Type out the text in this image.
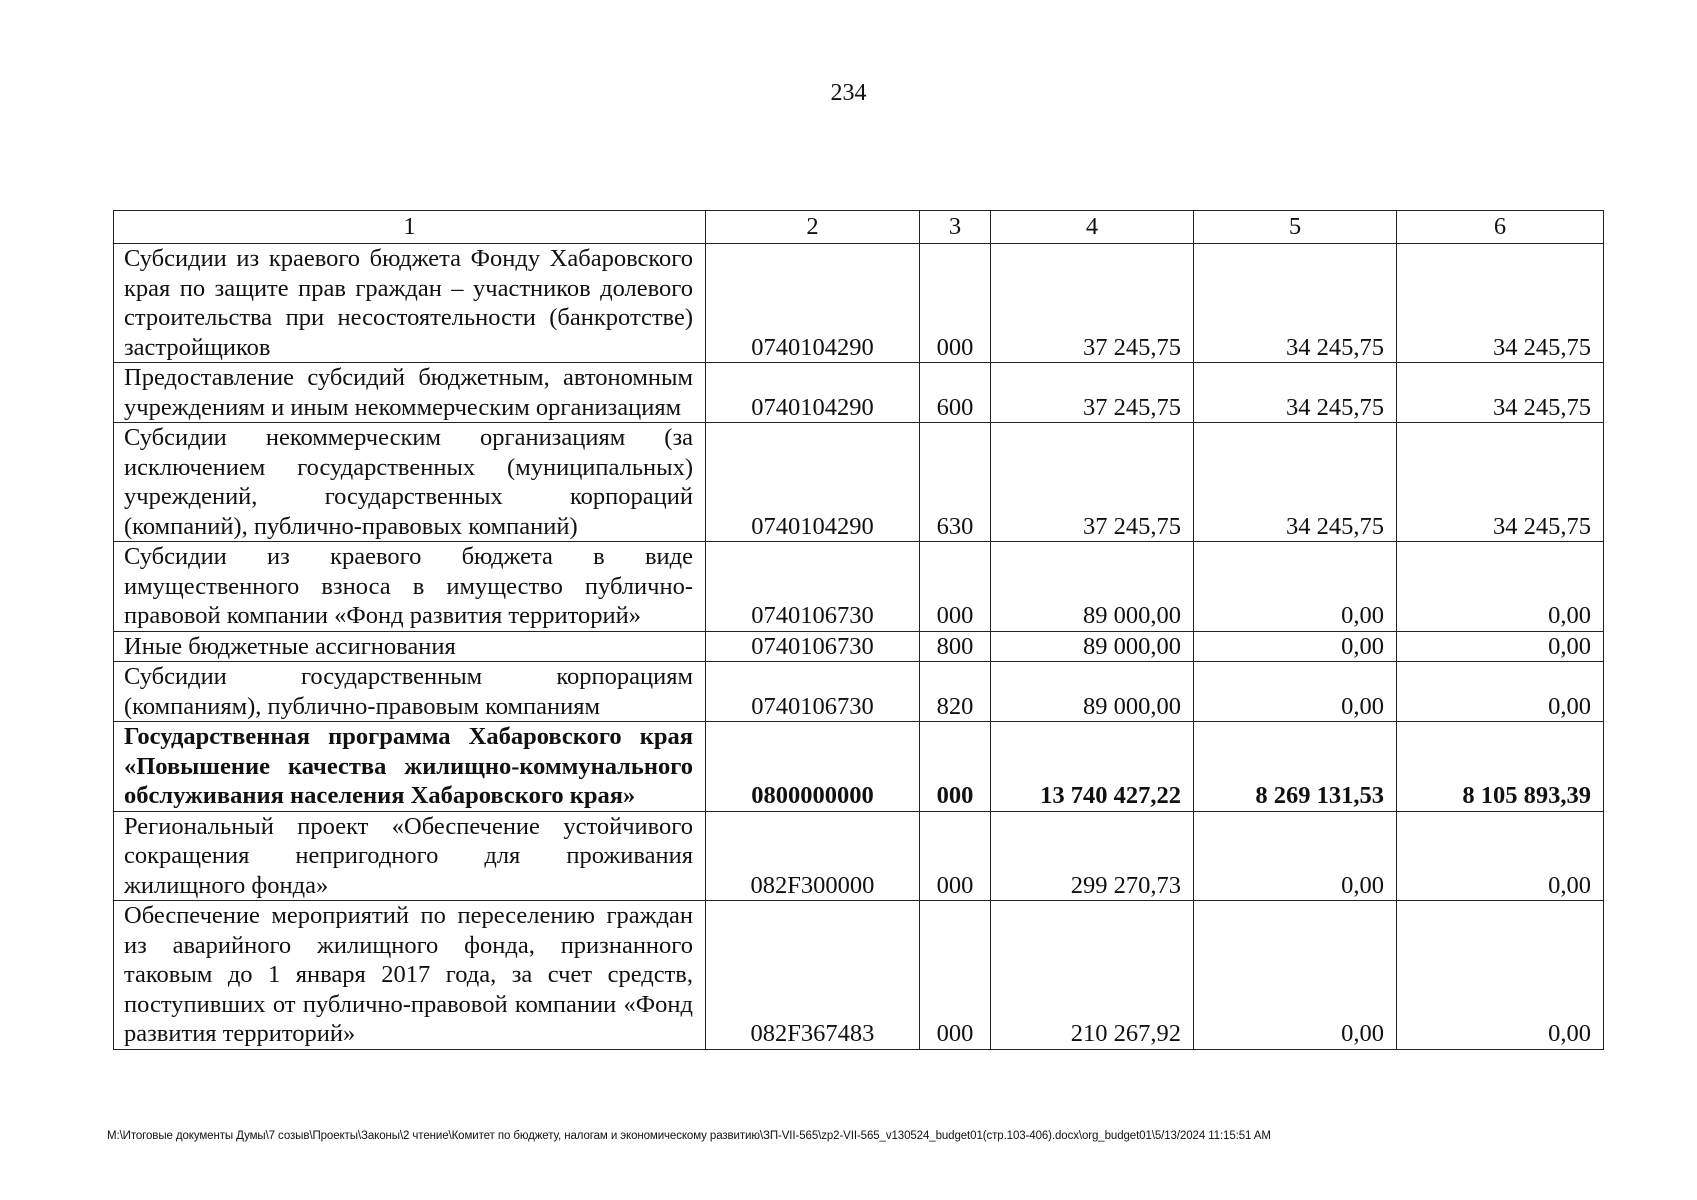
234
1	2	3	4	5	6
Субсидии из краевого бюджета Фонду Хабаровского края по защите прав граждан – участников долевого строительства при несостоятельности (банкротстве) застройщиков	0740104290	000	37 245,75	34 245,75	34 245,75
Предоставление субсидий бюджетным, автономным учреждениям и иным некоммерческим организациям	0740104290	600	37 245,75	34 245,75	34 245,75
Субсидии некоммерческим организациям (за исключением государственных (муниципальных) учреждений, государственных корпораций (компаний), публично-правовых компаний)	0740104290	630	37 245,75	34 245,75	34 245,75
Субсидии из краевого бюджета в виде имущественного взноса в имущество публично-правовой компании «Фонд развития территорий»	0740106730	000	89 000,00	0,00	0,00
Иные бюджетные ассигнования	0740106730	800	89 000,00	0,00	0,00
Субсидии государственным корпорациям (компаниям), публично-правовым компаниям	0740106730	820	89 000,00	0,00	0,00
Государственная программа Хабаровского края «Повышение качества жилищно-коммунального обслуживания населения Хабаровского края»	0800000000	000	13 740 427,22	8 269 131,53	8 105 893,39
Региональный проект «Обеспечение устойчивого сокращения непригодного для проживания жилищного фонда»	082F300000	000	299 270,73	0,00	0,00
Обеспечение мероприятий по переселению граждан из аварийного жилищного фонда, признанного таковым до 1 января 2017 года, за счет средств, поступивших от публично-правовой компании «Фонд развития территорий»	082F367483	000	210 267,92	0,00	0,00
M:\Итоговые документы Думы\7 созыв\Проекты\Законы\2 чтение\Комитет по бюджету, налогам и экономическому развитию\ЗП-VII-565\zp2-VII-565_v130524_budget01(стр.103-406).docx\org_budget01\5/13/2024 11:15:51 AM
